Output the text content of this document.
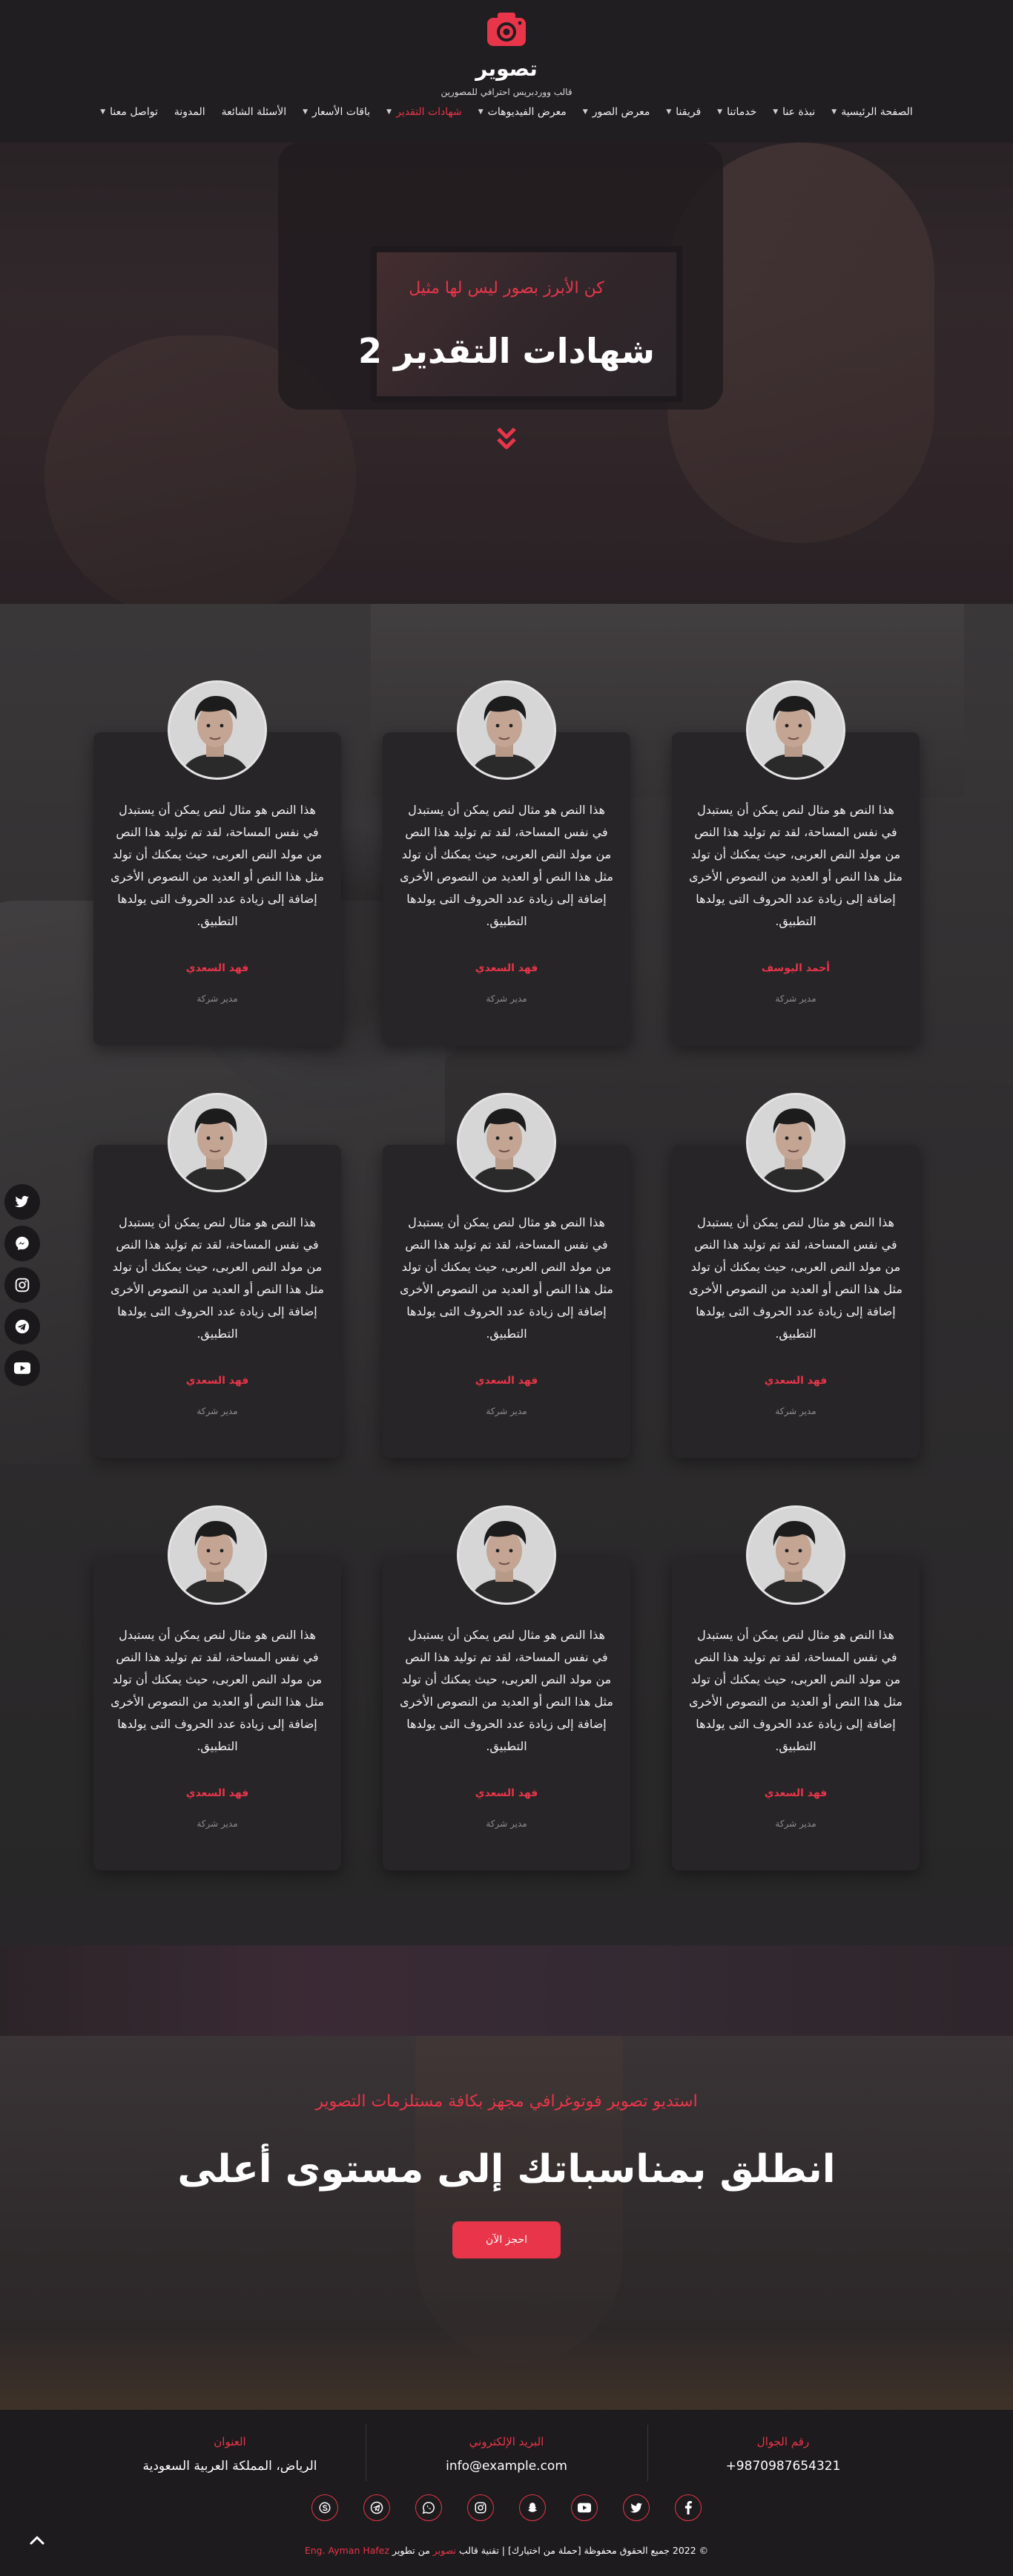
تصوير
قالب ووردبريس احترافي للمصورين
الصفحة الرئيسية
▼
نبذة عنا
▼
خدماتنا
▼
فريقنا
▼
معرض الصور
▼
معرض الفيديوهات
▼
شهادات التقدير
▼
باقات الأسعار
▼
الأسئلة الشائعة
المدونة
تواصل معنا
▼
كن الأبرز بصور ليس لها مثيل
شهادات التقدير 2

هذا النص هو مثال لنص يمكن أن يستبدل في نفس المساحة، لقد تم توليد هذا النص من مولد النص العربى، حيث يمكنك أن تولد مثل هذا النص أو العديد من النصوص الأخرى إضافة إلى زيادة عدد الحروف التى يولدها التطبيق.

أحمد اليوسف
مدير شركة

هذا النص هو مثال لنص يمكن أن يستبدل في نفس المساحة، لقد تم توليد هذا النص من مولد النص العربى، حيث يمكنك أن تولد مثل هذا النص أو العديد من النصوص الأخرى إضافة إلى زيادة عدد الحروف التى يولدها التطبيق.

فهد السعدي
مدير شركة

هذا النص هو مثال لنص يمكن أن يستبدل في نفس المساحة، لقد تم توليد هذا النص من مولد النص العربى، حيث يمكنك أن تولد مثل هذا النص أو العديد من النصوص الأخرى إضافة إلى زيادة عدد الحروف التى يولدها التطبيق.

فهد السعدي
مدير شركة

هذا النص هو مثال لنص يمكن أن يستبدل في نفس المساحة، لقد تم توليد هذا النص من مولد النص العربى، حيث يمكنك أن تولد مثل هذا النص أو العديد من النصوص الأخرى إضافة إلى زيادة عدد الحروف التى يولدها التطبيق.

فهد السعدي
مدير شركة

هذا النص هو مثال لنص يمكن أن يستبدل في نفس المساحة، لقد تم توليد هذا النص من مولد النص العربى، حيث يمكنك أن تولد مثل هذا النص أو العديد من النصوص الأخرى إضافة إلى زيادة عدد الحروف التى يولدها التطبيق.

فهد السعدي
مدير شركة

هذا النص هو مثال لنص يمكن أن يستبدل في نفس المساحة، لقد تم توليد هذا النص من مولد النص العربى، حيث يمكنك أن تولد مثل هذا النص أو العديد من النصوص الأخرى إضافة إلى زيادة عدد الحروف التى يولدها التطبيق.

فهد السعدي
مدير شركة

هذا النص هو مثال لنص يمكن أن يستبدل في نفس المساحة، لقد تم توليد هذا النص من مولد النص العربى، حيث يمكنك أن تولد مثل هذا النص أو العديد من النصوص الأخرى إضافة إلى زيادة عدد الحروف التى يولدها التطبيق.

فهد السعدي
مدير شركة

هذا النص هو مثال لنص يمكن أن يستبدل في نفس المساحة، لقد تم توليد هذا النص من مولد النص العربى، حيث يمكنك أن تولد مثل هذا النص أو العديد من النصوص الأخرى إضافة إلى زيادة عدد الحروف التى يولدها التطبيق.

فهد السعدي
مدير شركة

هذا النص هو مثال لنص يمكن أن يستبدل في نفس المساحة، لقد تم توليد هذا النص من مولد النص العربى، حيث يمكنك أن تولد مثل هذا النص أو العديد من النصوص الأخرى إضافة إلى زيادة عدد الحروف التى يولدها التطبيق.

فهد السعدي
مدير شركة
استديو تصوير فوتوغرافي مجهز بكافة مستلزمات التصوير
انطلق بمناسباتك إلى مستوى أعلى
احجز الآن
رقم الجوال
+9870987654321
البريد الإلكتروني
info@example.com
العنوان
الرياض، المملكة العربية السعودية
© 2022 جميع الحقوق محفوظة [حملة من اختيارك] | تقنية قالب تصوير من تطوير Eng. Ayman Hafez
